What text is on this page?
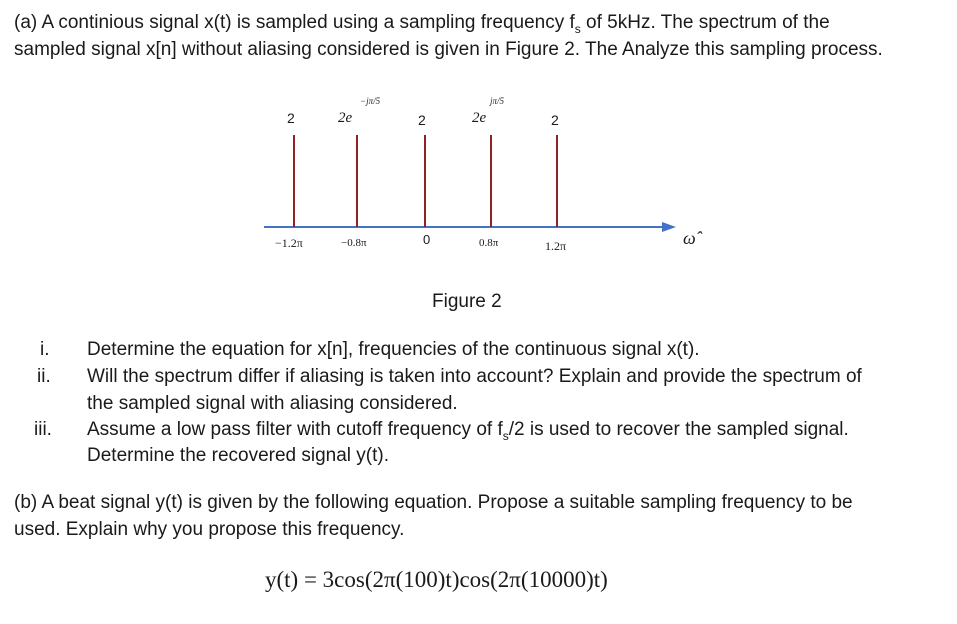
(a) A continious signal x(t) is sampled using a sampling frequency $f_s$ of 5kHz. The spectrum of the
sampled signal x[n] without aliasing considered is given in Figure 2. The Analyze this sampling process.
2	2e
−jπ/5
2	2e
jπ/5
2
−1.2π	−0.8π	0	0.8π	1.2π	ω̂
Figure 2
i. Determine the equation for x[n], frequencies of the continuous signal x(t).
ii. Will the spectrum differ if aliasing is taken into account? Explain and provide the spectrum of
the sampled signal with aliasing considered.
iii. Assume a low pass filter with cutoff frequency of $f_s/2$ is used to recover the sampled signal.
Determine the recovered signal y(t).
(b) A beat signal y(t) is given by the following equation. Propose a suitable sampling frequency to be
used. Explain why you propose this frequency.
y(t) = 3cos(2π(100)t)cos(2π(10000)t)
